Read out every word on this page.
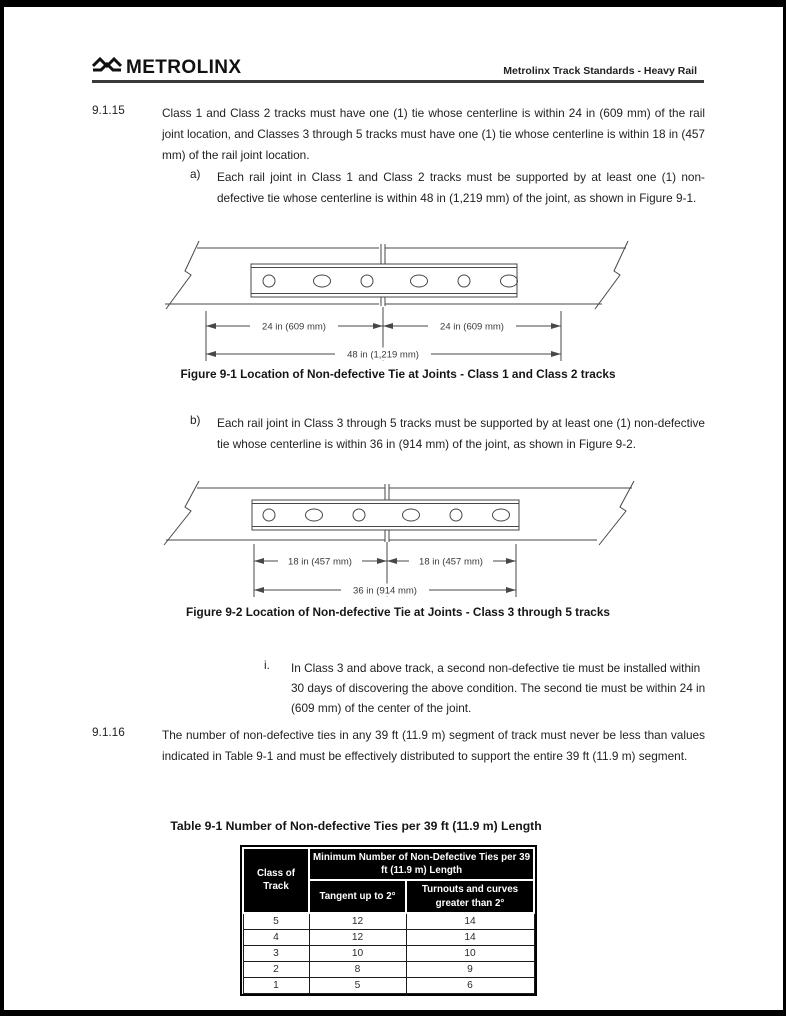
METROLINX	Metrolinx Track Standards - Heavy Rail
9.1.15	Class 1 and Class 2 tracks must have one (1) tie whose centerline is within 24 in (609 mm) of the rail joint location, and Classes 3 through 5 tracks must have one (1) tie whose centerline is within 18 in (457 mm) of the rail joint location.
a) Each rail joint in Class 1 and Class 2 tracks must be supported by at least one (1) non-defective tie whose centerline is within 48 in (1,219 mm) of the joint, as shown in Figure 9-1.
24 in (609 mm)	24 in (609 mm)
48 in (1,219 mm)
Figure 9-1 Location of Non-defective Tie at Joints - Class 1 and Class 2 tracks
b) Each rail joint in Class 3 through 5 tracks must be supported by at least one (1) non-defective tie whose centerline is within 36 in (914 mm) of the joint, as shown in Figure 9-2.
18 in (457 mm)	18 in (457 mm)
36 in (914 mm)
Figure 9-2 Location of Non-defective Tie at Joints - Class 3 through 5 tracks
i. In Class 3 and above track, a second non-defective tie must be installed within 30 days of discovering the above condition. The second tie must be within 24 in (609 mm) of the center of the joint.
9.1.16	The number of non-defective ties in any 39 ft (11.9 m) segment of track must never be less than values indicated in Table 9-1 and must be effectively distributed to support the entire 39 ft (11.9 m) segment.
Table 9-1 Number of Non-defective Ties per 39 ft (11.9 m) Length
Class of Track	Minimum Number of Non-Defective Ties per 39 ft (11.9 m) Length	
	Tangent up to 2°	Turnouts and curves greater than 2°
5	12	14
4	12	14
3	10	10
2	8	9
1	5	6
